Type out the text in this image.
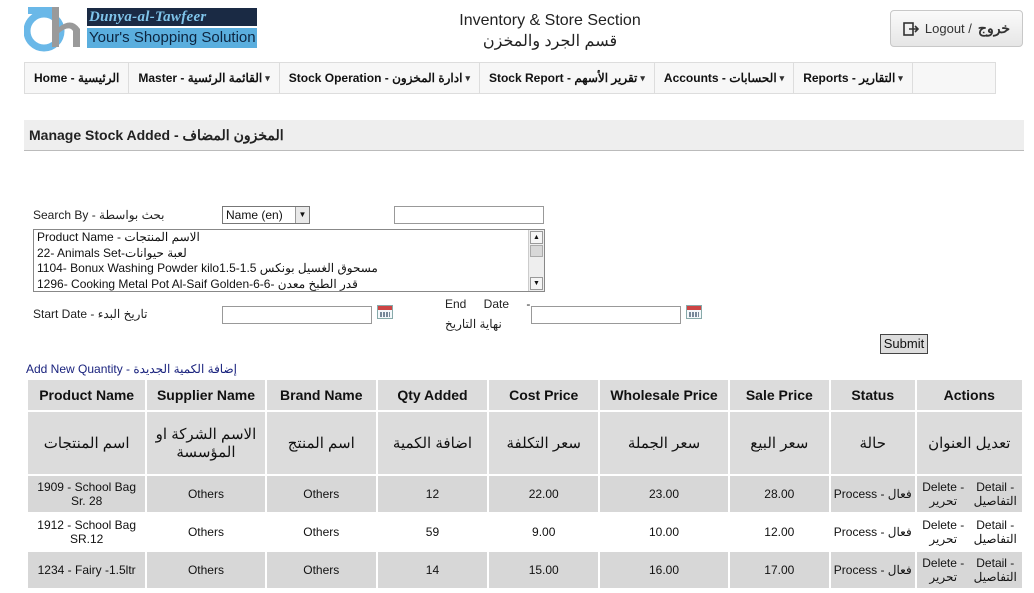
Dunya-al-Tawfeer
Your's Shopping Solution
Inventory & Store Section
قسم الجرد والمخزن
Logout / خروج
Home - الرئيسية Master - القائمة الرئسية ▾ Stock Operation - ادارة المخزون ▾ Stock Report - تقرير الأسهم ▾ Accounts - الحسابات ▾ Reports - التقارير ▾
Manage Stock Added - المخزون المضاف
Search By - بحث بواسطة	Name (en)	▼
Product Name - الاسم المنتجات
22- Animals Set-لعبة حيوانات
1104- Bonux Washing Powder kilo1.5-1.5 مسحوق الغسيل بونكس
1296- Cooking Metal Pot Al-Saif Golden-6-6- قدر الطبخ معدن
▲
▼
Start Date - تاريخ البدء
End Date -
نهاية التاريخ
Submit
Add New Quantity - إضافة الكمية الجديدة
Product Name	Supplier Name	Brand Name	Qty Added	Cost Price	Wholesale Price	Sale Price	Status	Actions
اسم المنتجات	الاسم الشركة او المؤسسة	اسم المنتج	اضافة الكمية	سعر التكلفة	سعر الجملة	سعر البيع	حالة	تعديل العنوان
1909 - School Bag Sr. 28	Others	Others	12	22.00	23.00	28.00	Process - فعال	Delete - تحرير Detail - التفاصيل
1912 - School Bag SR.12	Others	Others	59	9.00	10.00	12.00	Process - فعال	Delete - تحرير Detail - التفاصيل
1234 - Fairy -1.5ltr	Others	Others	14	15.00	16.00	17.00	Process - فعال	Delete - تحرير Detail - التفاصيل
